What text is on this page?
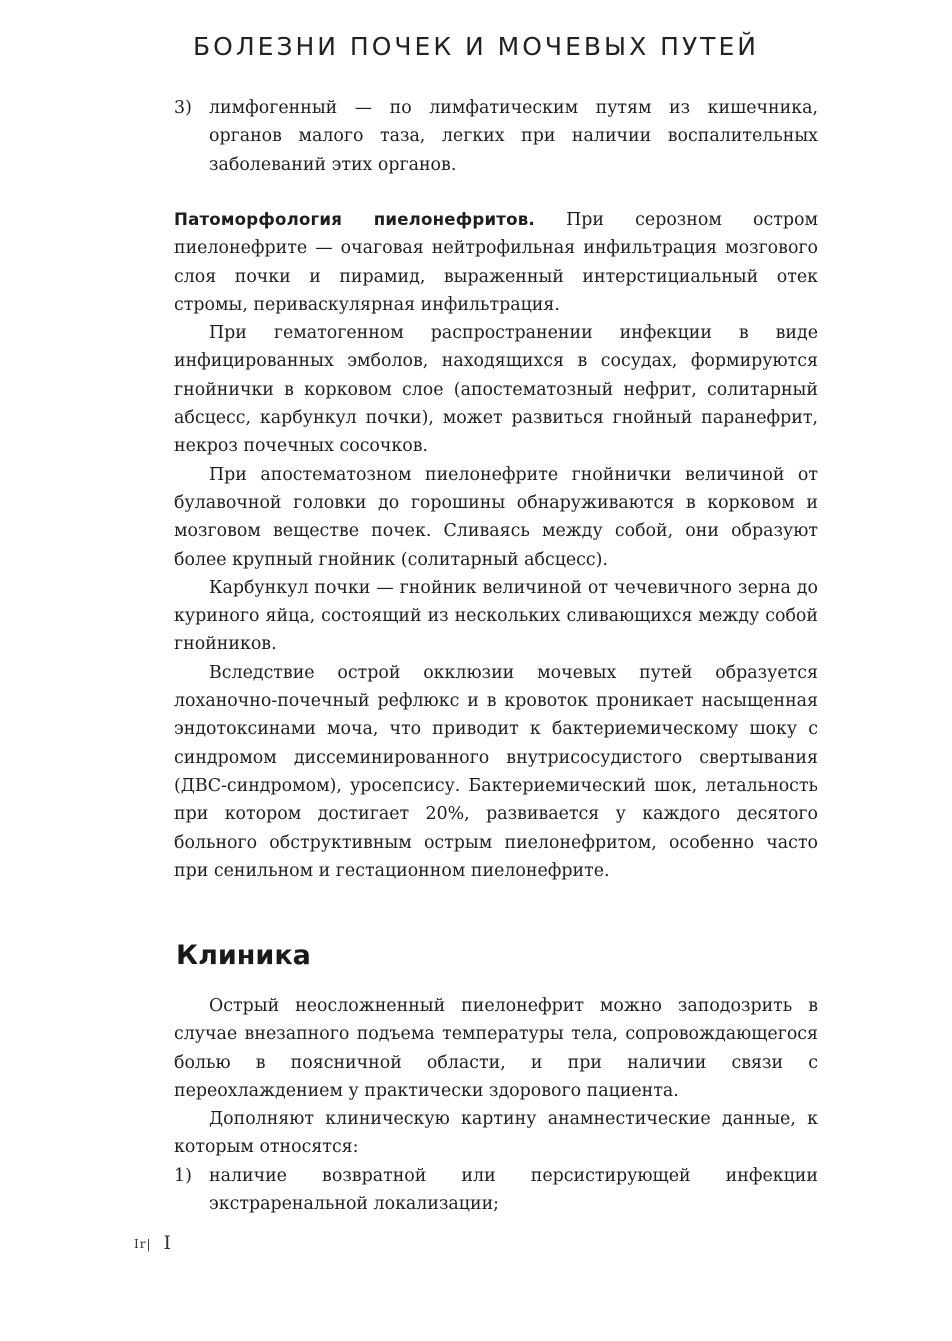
БОЛЕЗНИ ПОЧЕК И МОЧЕВЫХ ПУТЕЙ
3) лимфогенный — по лимфатическим путям из кишечника, органов малого таза, легких при наличии воспалительных заболеваний этих органов.

Патоморфология пиелонефритов. При серозном остром пиелонефрите — очаговая нейтрофильная инфильтрация мозгового слоя почки и пирамид, выраженный интерстициальный отек стромы, периваскулярная инфильтрация.

При гематогенном распространении инфекции в виде инфицированных эмболов, находящихся в сосудах, формируются гнойнички в корковом слое (апостематозный нефрит, солитарный абсцесс, карбункул почки), может развиться гнойный паранефрит, некроз почечных сосочков.

При апостематозном пиелонефрите гнойнички величиной от булавочной головки до горошины обнаруживаются в корковом и мозговом веществе почек. Сливаясь между собой, они образуют более крупный гнойник (солитарный абсцесс).

Карбункул почки — гнойник величиной от чечевичного зерна до куриного яйца, состоящий из нескольких сливающихся между собой гнойников.

Вследствие острой окклюзии мочевых путей образуется лоханочно-почечный рефлюкс и в кровоток проникает насыщенная эндотоксинами моча, что приводит к бактериемическому шоку с синдромом диссеминированного внутрисосудистого свертывания (ДВС-синдромом), уросепсису. Бактериемический шок, летальность при котором достигает 20%, развивается у каждого десятого больного обструктивным острым пиелонефритом, особенно часто при сенильном и гестационном пиелонефрите.

Клиника

Острый неосложненный пиелонефрит можно заподозрить в случае внезапного подъема температуры тела, сопровождающегося болью в поясничной области, и при наличии связи с переохлаждением у практически здорового пациента.

Дополняют клиническую картину анамнестические данные, к которым относятся:

1) наличие возвратной или персистирующей инфекции экстраренальной локализации;
Ir| I
